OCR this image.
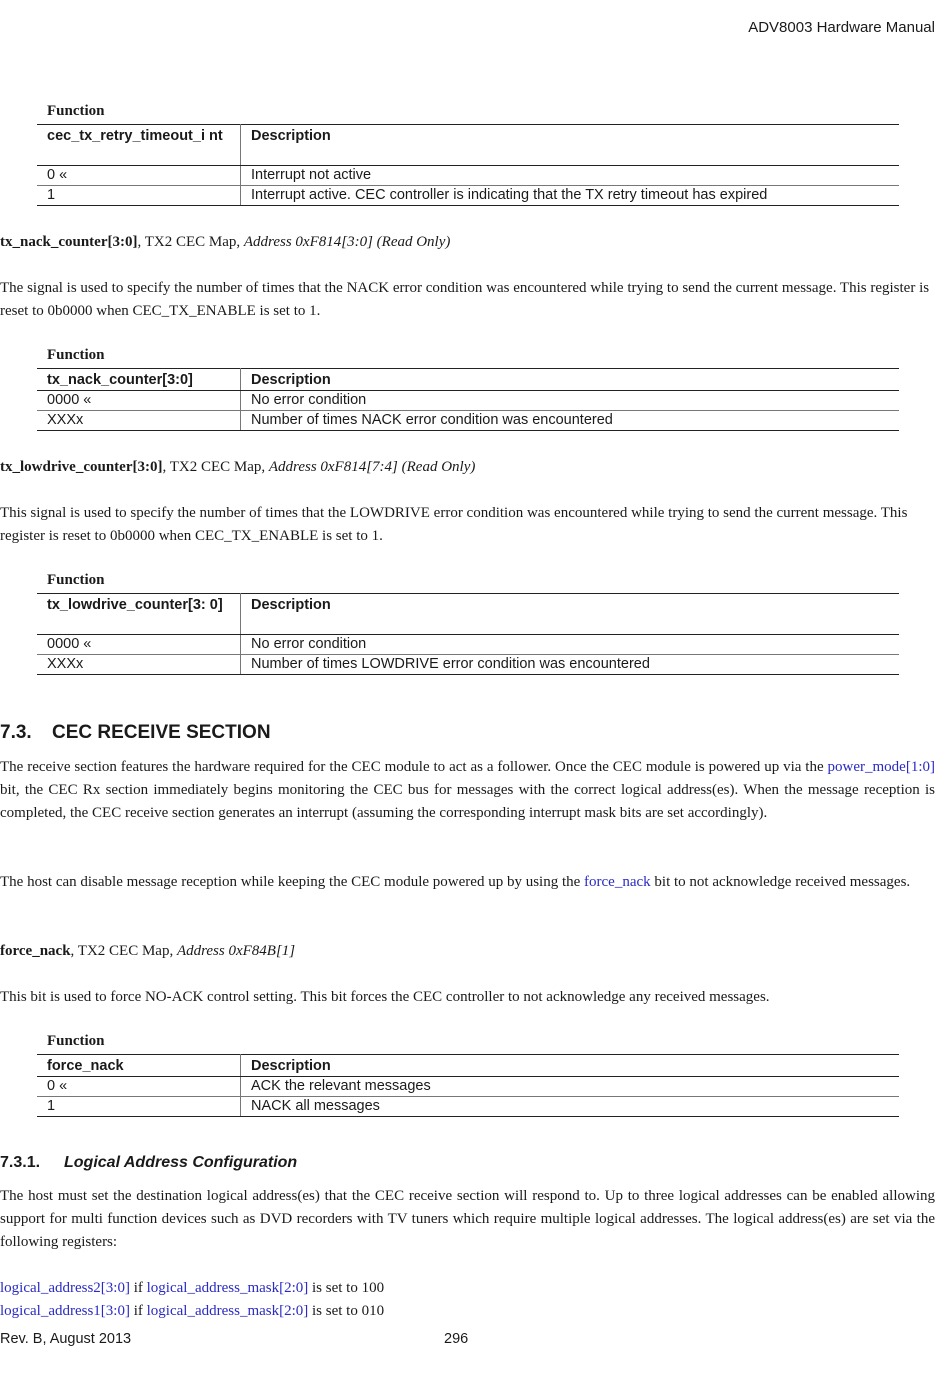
ADV8003 Hardware Manual
Function
cec_tx_retry_timeout_i nt	Description
0 «	Interrupt not active
1	Interrupt active. CEC controller is indicating that the TX retry timeout has expired
tx_nack_counter[3:0], TX2 CEC Map, Address 0xF814[3:0] (Read Only)
The signal is used to specify the number of times that the NACK error condition was encountered while trying to send the current message. This register is reset to 0b0000 when CEC_TX_ENABLE is set to 1.
Function
tx_nack_counter[3:0]	Description
0000 «	No error condition
XXXx	Number of times NACK error condition was encountered
tx_lowdrive_counter[3:0], TX2 CEC Map, Address 0xF814[7:4] (Read Only)
This signal is used to specify the number of times that the LOWDRIVE error condition was encountered while trying to send the current message. This register is reset to 0b0000 when CEC_TX_ENABLE is set to 1.
Function
tx_lowdrive_counter[3: 0]	Description
0000 «	No error condition
XXXx	Number of times LOWDRIVE error condition was encountered
7.3. CEC RECEIVE SECTION
The receive section features the hardware required for the CEC module to act as a follower. Once the CEC module is powered up via the power_mode[1:0] bit, the CEC Rx section immediately begins monitoring the CEC bus for messages with the correct logical address(es). When the message reception is completed, the CEC receive section generates an interrupt (assuming the corresponding interrupt mask bits are set accordingly).
The host can disable message reception while keeping the CEC module powered up by using the force_nack bit to not acknowledge received messages.
force_nack, TX2 CEC Map, Address 0xF84B[1]
This bit is used to force NO-ACK control setting. This bit forces the CEC controller to not acknowledge any received messages.
Function
force_nack	Description
0 «	ACK the relevant messages
1	NACK all messages
7.3.1. Logical Address Configuration
The host must set the destination logical address(es) that the CEC receive section will respond to. Up to three logical addresses can be enabled allowing support for multi function devices such as DVD recorders with TV tuners which require multiple logical addresses. The logical address(es) are set via the following registers:
logical_address2[3:0] if logical_address_mask[2:0] is set to 100
logical_address1[3:0] if logical_address_mask[2:0] is set to 010
Rev. B, August 2013	296
